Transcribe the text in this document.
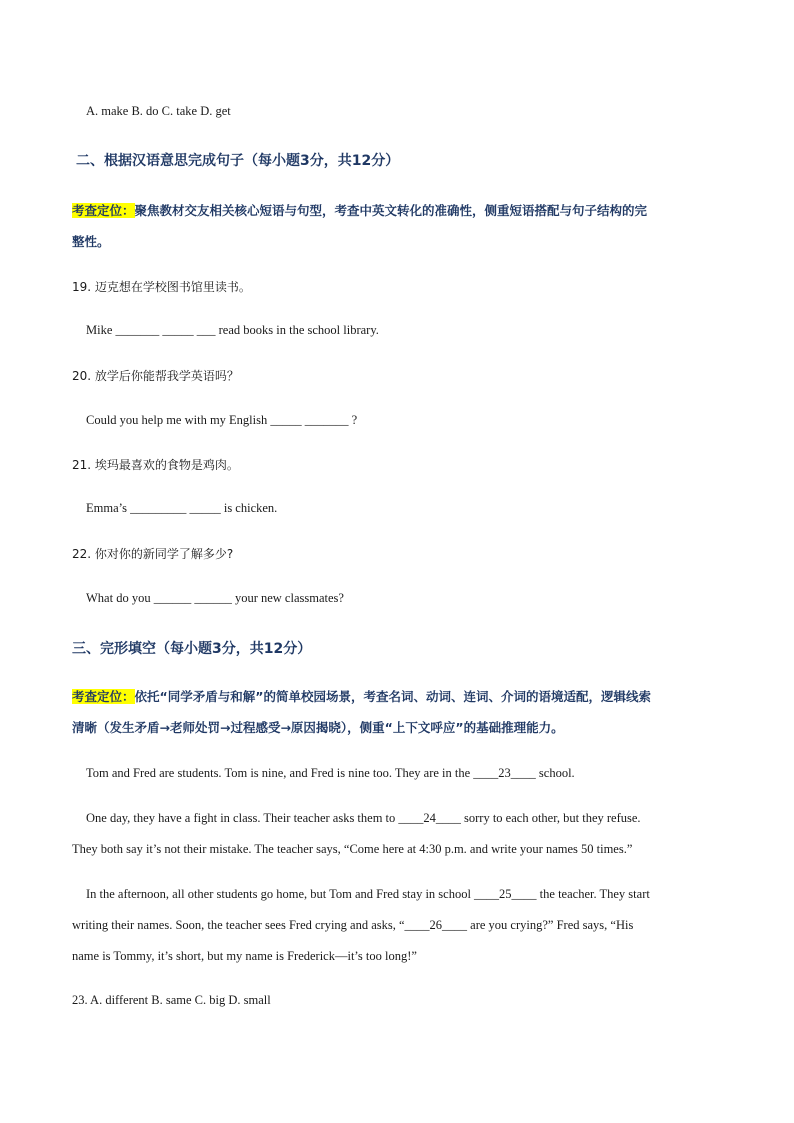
A. make B. do C. take D. get
二、根据汉语意思完成句子（每小题3分，共12分）
考查定位：聚焦教材交友相关核心短语与句型，考查中英文转化的准确性，侧重短语搭配与句子结构的完
整性。
19. 迈克想在学校图书馆里读书。
Mike _______ _____ ___ read books in the school library.
20. 放学后你能帮我学英语吗？
Could you help me with my English _____ _______ ?
21. 埃玛最喜欢的食物是鸡肉。
Emma’s _________ _____ is chicken.
22. 你对你的新同学了解多少?
What do you ______ ______ your new classmates?
三、完形填空（每小题3分，共12分）
考查定位：依托“同学矛盾与和解”的简单校园场景，考查名词、动词、连词、介词的语境适配，逻辑线索
清晰（发生矛盾→老师处罚→过程感受→原因揭晓），侧重“上下文呼应”的基础推理能力。
Tom and Fred are students. Tom is nine, and Fred is nine too. They are in the ____23____ school.
One day, they have a fight in class. Their teacher asks them to ____24____ sorry to each other, but they refuse.
They both say it’s not their mistake. The teacher says, “Come here at 4:30 p.m. and write your names 50 times.”
In the afternoon, all other students go home, but Tom and Fred stay in school ____25____ the teacher. They start
writing their names. Soon, the teacher sees Fred crying and asks, “____26____ are you crying?” Fred says, “His
name is Tommy, it’s short, but my name is Frederick—it’s too long!”
23. A. different B. same C. big D. small
